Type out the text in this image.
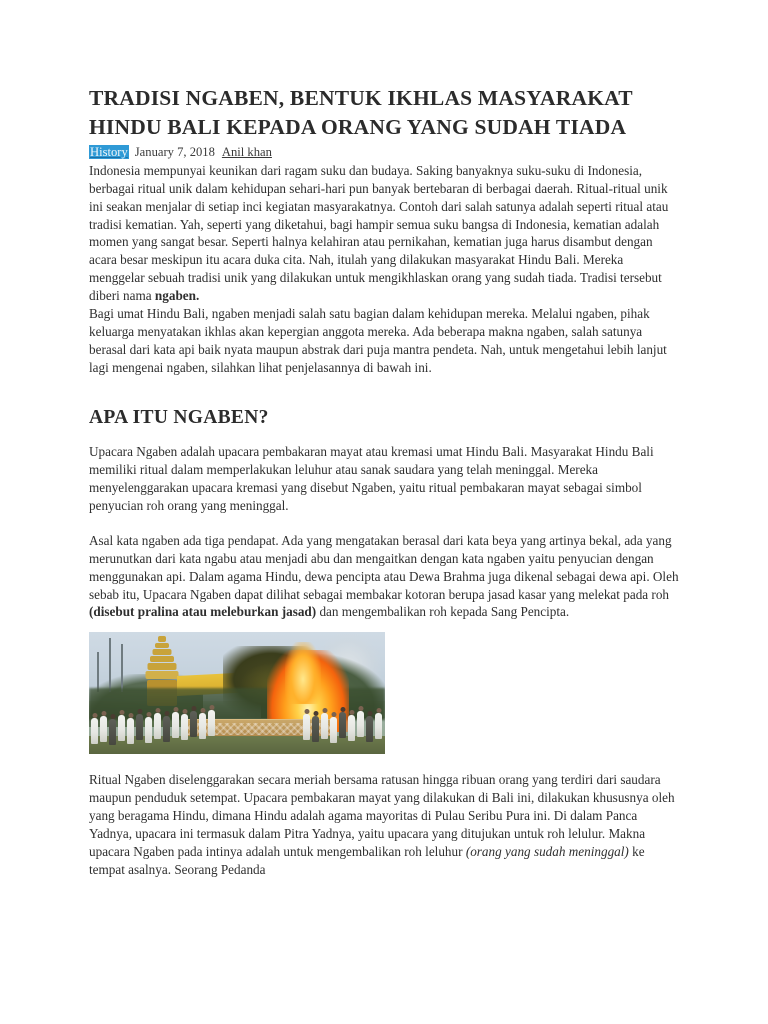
TRADISI NGABEN, BENTUK IKHLAS MASYARAKAT HINDU BALI KEPADA ORANG YANG SUDAH TIADA
History January 7, 2018 Anil khan

Indonesia mempunyai keunikan dari ragam suku dan budaya. Saking banyaknya suku-suku di Indonesia, berbagai ritual unik dalam kehidupan sehari-hari pun banyak bertebaran di berbagai daerah. Ritual-ritual unik ini seakan menjalar di setiap inci kegiatan masyarakatnya. Contoh dari salah satunya adalah seperti ritual atau tradisi kematian. Yah, seperti yang diketahui, bagi hampir semua suku bangsa di Indonesia, kematian adalah momen yang sangat besar. Seperti halnya kelahiran atau pernikahan, kematian juga harus disambut dengan acara besar meskipun itu acara duka cita. Nah, itulah yang dilakukan masyarakat Hindu Bali. Mereka menggelar sebuah tradisi unik yang dilakukan untuk mengikhlaskan orang yang sudah tiada. Tradisi tersebut diberi nama ngaben.

Bagi umat Hindu Bali, ngaben menjadi salah satu bagian dalam kehidupan mereka. Melalui ngaben, pihak keluarga menyatakan ikhlas akan kepergian anggota mereka. Ada beberapa makna ngaben, salah satunya berasal dari kata api baik nyata maupun abstrak dari puja mantra pendeta. Nah, untuk mengetahui lebih lanjut lagi mengenai ngaben, silahkan lihat penjelasannya di bawah ini.

APA ITU NGABEN?

Upacara Ngaben adalah upacara pembakaran mayat atau kremasi umat Hindu Bali. Masyarakat Hindu Bali memiliki ritual dalam memperlakukan leluhur atau sanak saudara yang telah meninggal. Mereka menyelenggarakan upacara kremasi yang disebut Ngaben, yaitu ritual pembakaran mayat sebagai simbol penyucian roh orang yang meninggal.

Asal kata ngaben ada tiga pendapat. Ada yang mengatakan berasal dari kata beya yang artinya bekal, ada yang merunutkan dari kata ngabu atau menjadi abu dan mengaitkan dengan kata ngaben yaitu penyucian dengan menggunakan api. Dalam agama Hindu, dewa pencipta atau Dewa Brahma juga dikenal sebagai dewa api. Oleh sebab itu, Upacara Ngaben dapat dilihat sebagai membakar kotoran berupa jasad kasar yang melekat pada roh (disebut pralina atau meleburkan jasad) dan mengembalikan roh kepada Sang Pencipta.

Ritual Ngaben diselenggarakan secara meriah bersama ratusan hingga ribuan orang yang terdiri dari saudara maupun penduduk setempat. Upacara pembakaran mayat yang dilakukan di Bali ini, dilakukan khususnya oleh yang beragama Hindu, dimana Hindu adalah agama mayoritas di Pulau Seribu Pura ini. Di dalam Panca Yadnya, upacara ini termasuk dalam Pitra Yadnya, yaitu upacara yang ditujukan untuk roh lelulur. Makna upacara Ngaben pada intinya adalah untuk mengembalikan roh leluhur (orang yang sudah meninggal) ke tempat asalnya. Seorang Pedanda
